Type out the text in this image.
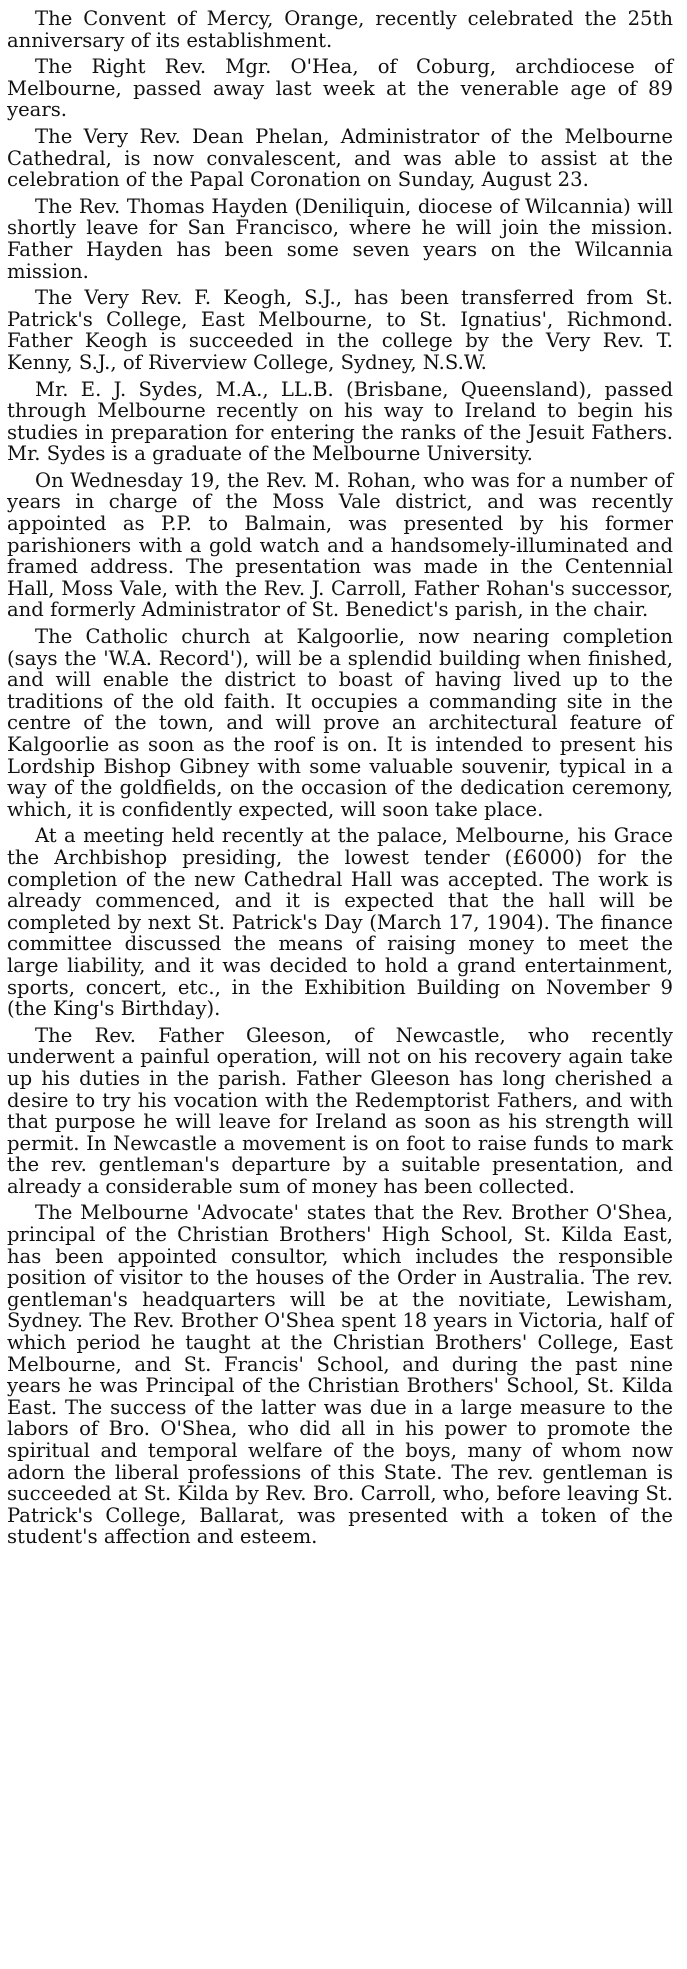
The Convent of Mercy, Orange, recently celebrated the 25th anniversary of its establishment.

The Right Rev. Mgr. O'Hea, of Coburg, archdiocese of Melbourne, passed away last week at the venerable age of 89 years.

The Very Rev. Dean Phelan, Administrator of the Melbourne Cathedral, is now convalescent, and was able to assist at the celebration of the Papal Coronation on Sunday, August 23.

The Rev. Thomas Hayden (Deniliquin, diocese of Wilcannia) will shortly leave for San Francisco, where he will join the mission. Father Hayden has been some seven years on the Wilcannia mission.

The Very Rev. F. Keogh, S.J., has been transferred from St. Patrick's College, East Melbourne, to St. Ignatius', Richmond. Father Keogh is succeeded in the college by the Very Rev. T. Kenny, S.J., of Riverview College, Sydney, N.S.W.

Mr. E. J. Sydes, M.A., LL.B. (Brisbane, Queensland), passed through Melbourne recently on his way to Ireland to begin his studies in preparation for entering the ranks of the Jesuit Fathers. Mr. Sydes is a graduate of the Melbourne University.

On Wednesday 19, the Rev. M. Rohan, who was for a number of years in charge of the Moss Vale district, and was recently appointed as P.P. to Balmain, was presented by his former parishioners with a gold watch and a handsomely-illuminated and framed address. The presentation was made in the Centennial Hall, Moss Vale, with the Rev. J. Carroll, Father Rohan's successor, and formerly Administrator of St. Benedict's parish, in the chair.

The Catholic church at Kalgoorlie, now nearing completion (says the 'W.A. Record'), will be a splendid building when finished, and will enable the district to boast of having lived up to the traditions of the old faith. It occupies a commanding site in the centre of the town, and will prove an architectural feature of Kalgoorlie as soon as the roof is on. It is intended to present his Lordship Bishop Gibney with some valuable souvenir, typical in a way of the goldfields, on the occasion of the dedication ceremony, which, it is confidently expected, will soon take place.

At a meeting held recently at the palace, Melbourne, his Grace the Archbishop presiding, the lowest tender (£6000) for the completion of the new Cathedral Hall was accepted. The work is already commenced, and it is expected that the hall will be completed by next St. Patrick's Day (March 17, 1904). The finance committee discussed the means of raising money to meet the large liability, and it was decided to hold a grand entertainment, sports, concert, etc., in the Exhibition Building on November 9 (the King's Birthday).

The Rev. Father Gleeson, of Newcastle, who recently underwent a painful operation, will not on his recovery again take up his duties in the parish. Father Gleeson has long cherished a desire to try his vocation with the Redemptorist Fathers, and with that purpose he will leave for Ireland as soon as his strength will permit. In Newcastle a movement is on foot to raise funds to mark the rev. gentleman's departure by a suitable presentation, and already a considerable sum of money has been collected.

The Melbourne 'Advocate' states that the Rev. Brother O'Shea, principal of the Christian Brothers' High School, St. Kilda East, has been appointed consultor, which includes the responsible position of visitor to the houses of the Order in Australia. The rev. gentleman's headquarters will be at the novitiate, Lewisham, Sydney. The Rev. Brother O'Shea spent 18 years in Victoria, half of which period he taught at the Christian Brothers' College, East Melbourne, and St. Francis' School, and during the past nine years he was Principal of the Christian Brothers' School, St. Kilda East. The success of the latter was due in a large measure to the labors of Bro. O'Shea, who did all in his power to promote the spiritual and temporal welfare of the boys, many of whom now adorn the liberal professions of this State. The rev. gentleman is succeeded at St. Kilda by Rev. Bro. Carroll, who, before leaving St. Patrick's College, Ballarat, was presented with a token of the student's affection and esteem.
